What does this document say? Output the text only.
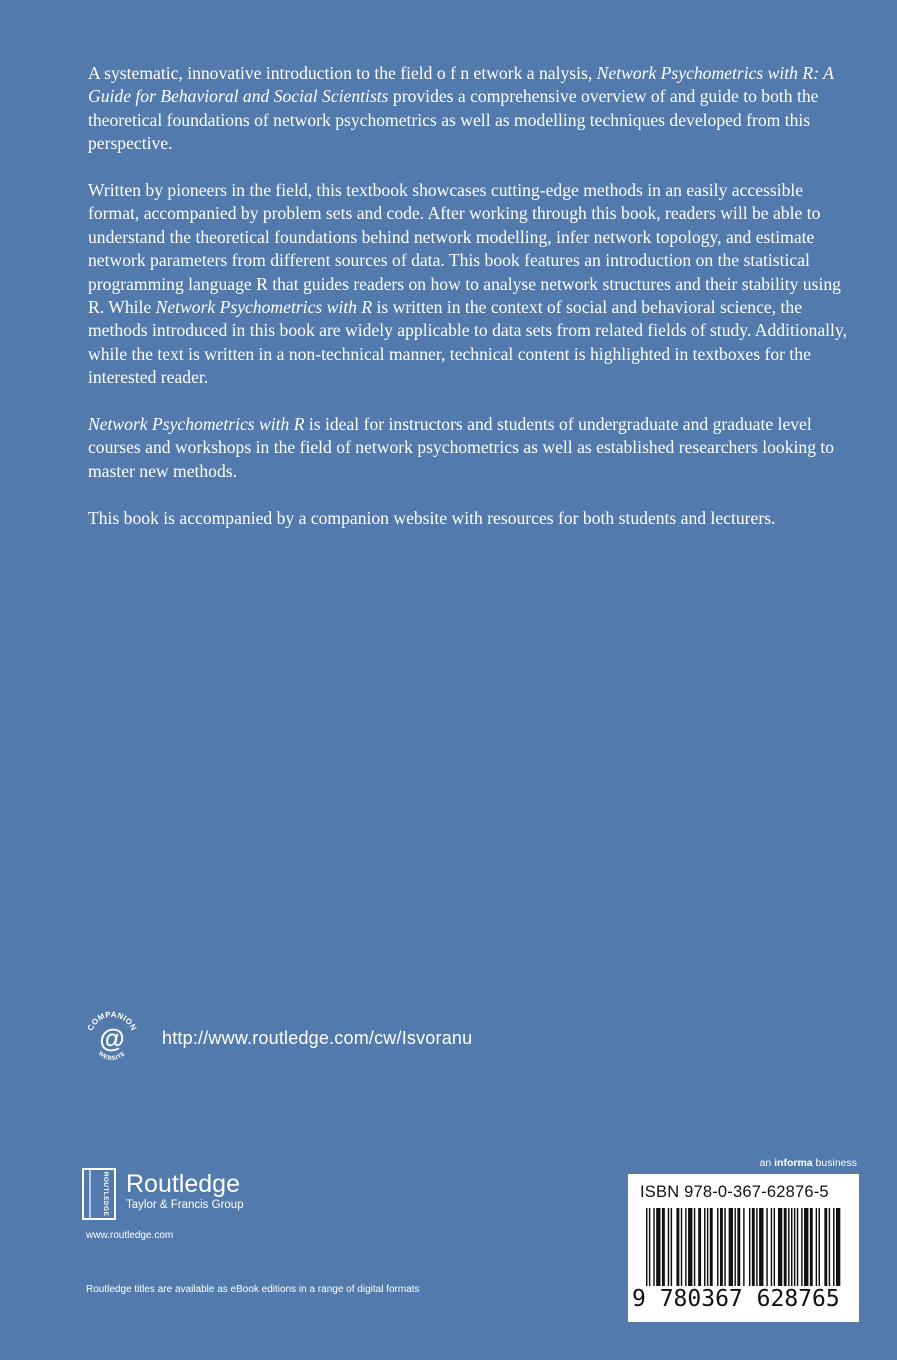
A systematic, innovative introduction to the field o f n etwork a nalysis, Network Psychometrics with R: A Guide for Behavioral and Social Scientists provides a comprehensive overview of and guide to both the theoretical foundations of network psychometrics as well as modelling techniques developed from this perspective.

Written by pioneers in the field, this textbook showcases cutting-edge methods in an easily accessible format, accompanied by problem sets and code. After working through this book, readers will be able to understand the theoretical foundations behind network modelling, infer network topology, and estimate network parameters from different sources of data. This book features an introduction on the statistical programming language R that guides readers on how to analyse network structures and their stability using R. While Network Psychometrics with R is written in the context of social and behavioral science, the methods introduced in this book are widely applicable to data sets from related fields of study. Additionally, while the text is written in a non-technical manner, technical content is highlighted in textboxes for the interested reader.

Network Psychometrics with R is ideal for instructors and students of undergraduate and graduate level courses and workshops in the field of network psychometrics as well as established researchers looking to master new methods.

This book is accompanied by a companion website with resources for both students and lecturers.

COMPANION
WEBSITE
@ http://www.routledge.com/cw/Isvoranu
ROUTLEDGE Routledge
Taylor & Francis Group
www.routledge.com
Routledge titles are available as eBook editions in a range of digital formats
an informa business
ISBN 978-0-367-62876-5
9 780367 628765
